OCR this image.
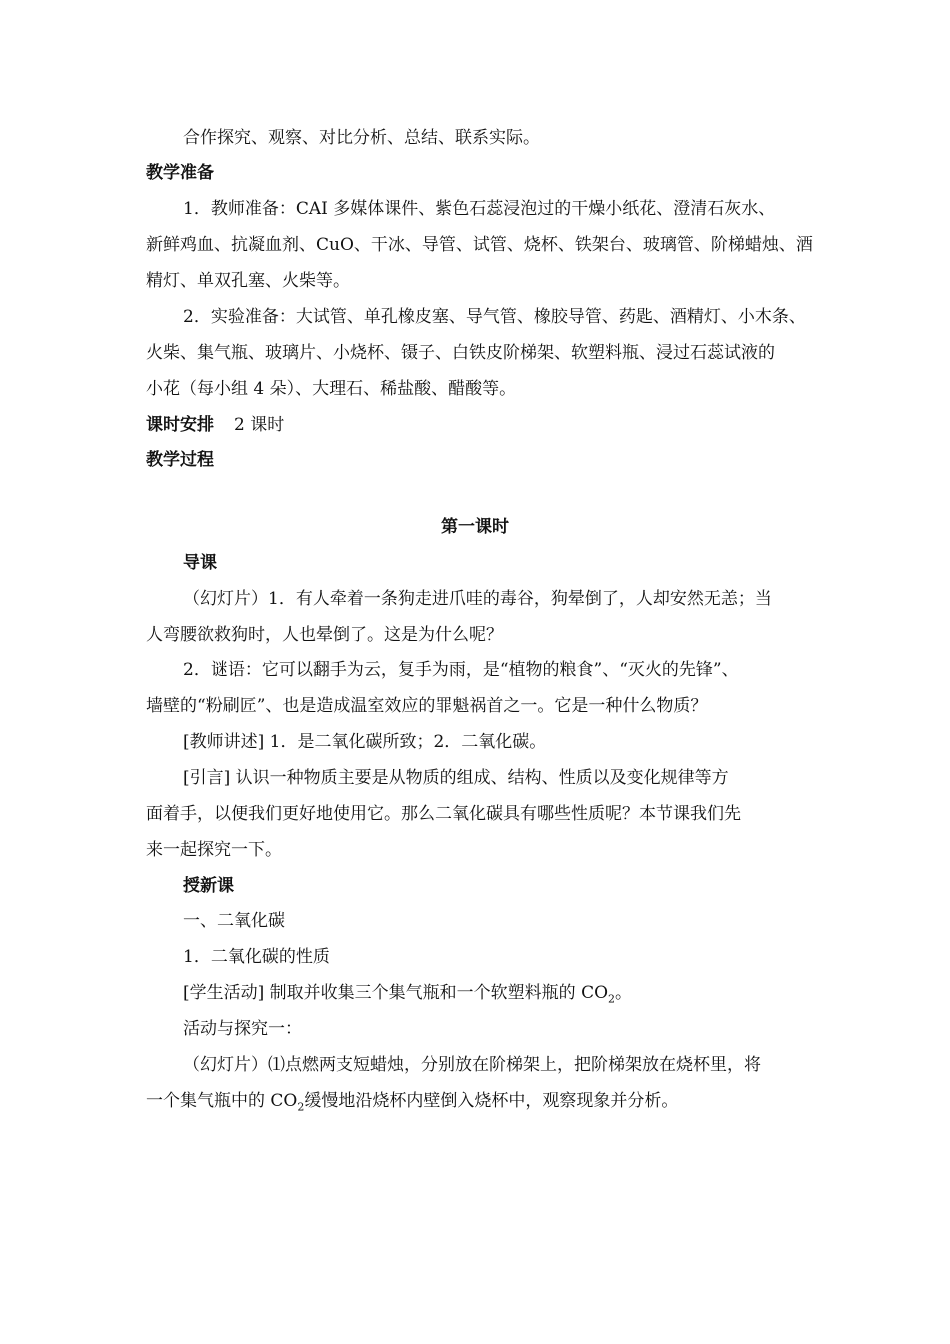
合作探究、观察、对比分析、总结、联系实际。
教学准备
1．教师准备：CAI 多媒体课件、紫色石蕊浸泡过的干燥小纸花、澄清石灰水、
新鲜鸡血、抗凝血剂、CuO、干冰、导管、试管、烧杯、铁架台、玻璃管、阶梯蜡烛、酒
精灯、单双孔塞、火柴等。
2．实验准备：大试管、单孔橡皮塞、导气管、橡胶导管、药匙、酒精灯、小木条、
火柴、集气瓶、玻璃片、小烧杯、镊子、白铁皮阶梯架、软塑料瓶、浸过石蕊试液的
小花（每小组 4 朵）、大理石、稀盐酸、醋酸等。
课时安排 2 课时
教学过程
第一课时
导课
（幻灯片）1．有人牵着一条狗走进爪哇的毒谷，狗晕倒了，人却安然无恙；当
人弯腰欲救狗时，人也晕倒了。这是为什么呢？
2．谜语：它可以翻手为云，复手为雨，是“植物的粮食”、“灭火的先锋”、
墙壁的“粉刷匠”、也是造成温室效应的罪魁祸首之一。它是一种什么物质？
[教师讲述] 1．是二氧化碳所致；2．二氧化碳。
[引言] 认识一种物质主要是从物质的组成、结构、性质以及变化规律等方
面着手，以便我们更好地使用它。那么二氧化碳具有哪些性质呢？本节课我们先
来一起探究一下。
授新课
一、二氧化碳
1．二氧化碳的性质
[学生活动] 制取并收集三个集气瓶和一个软塑料瓶的 $CO_2$。
活动与探究一：
（幻灯片）⑴点燃两支短蜡烛，分别放在阶梯架上，把阶梯架放在烧杯里，将
一个集气瓶中的 $CO_2$缓慢地沿烧杯内壁倒入烧杯中，观察现象并分析。
